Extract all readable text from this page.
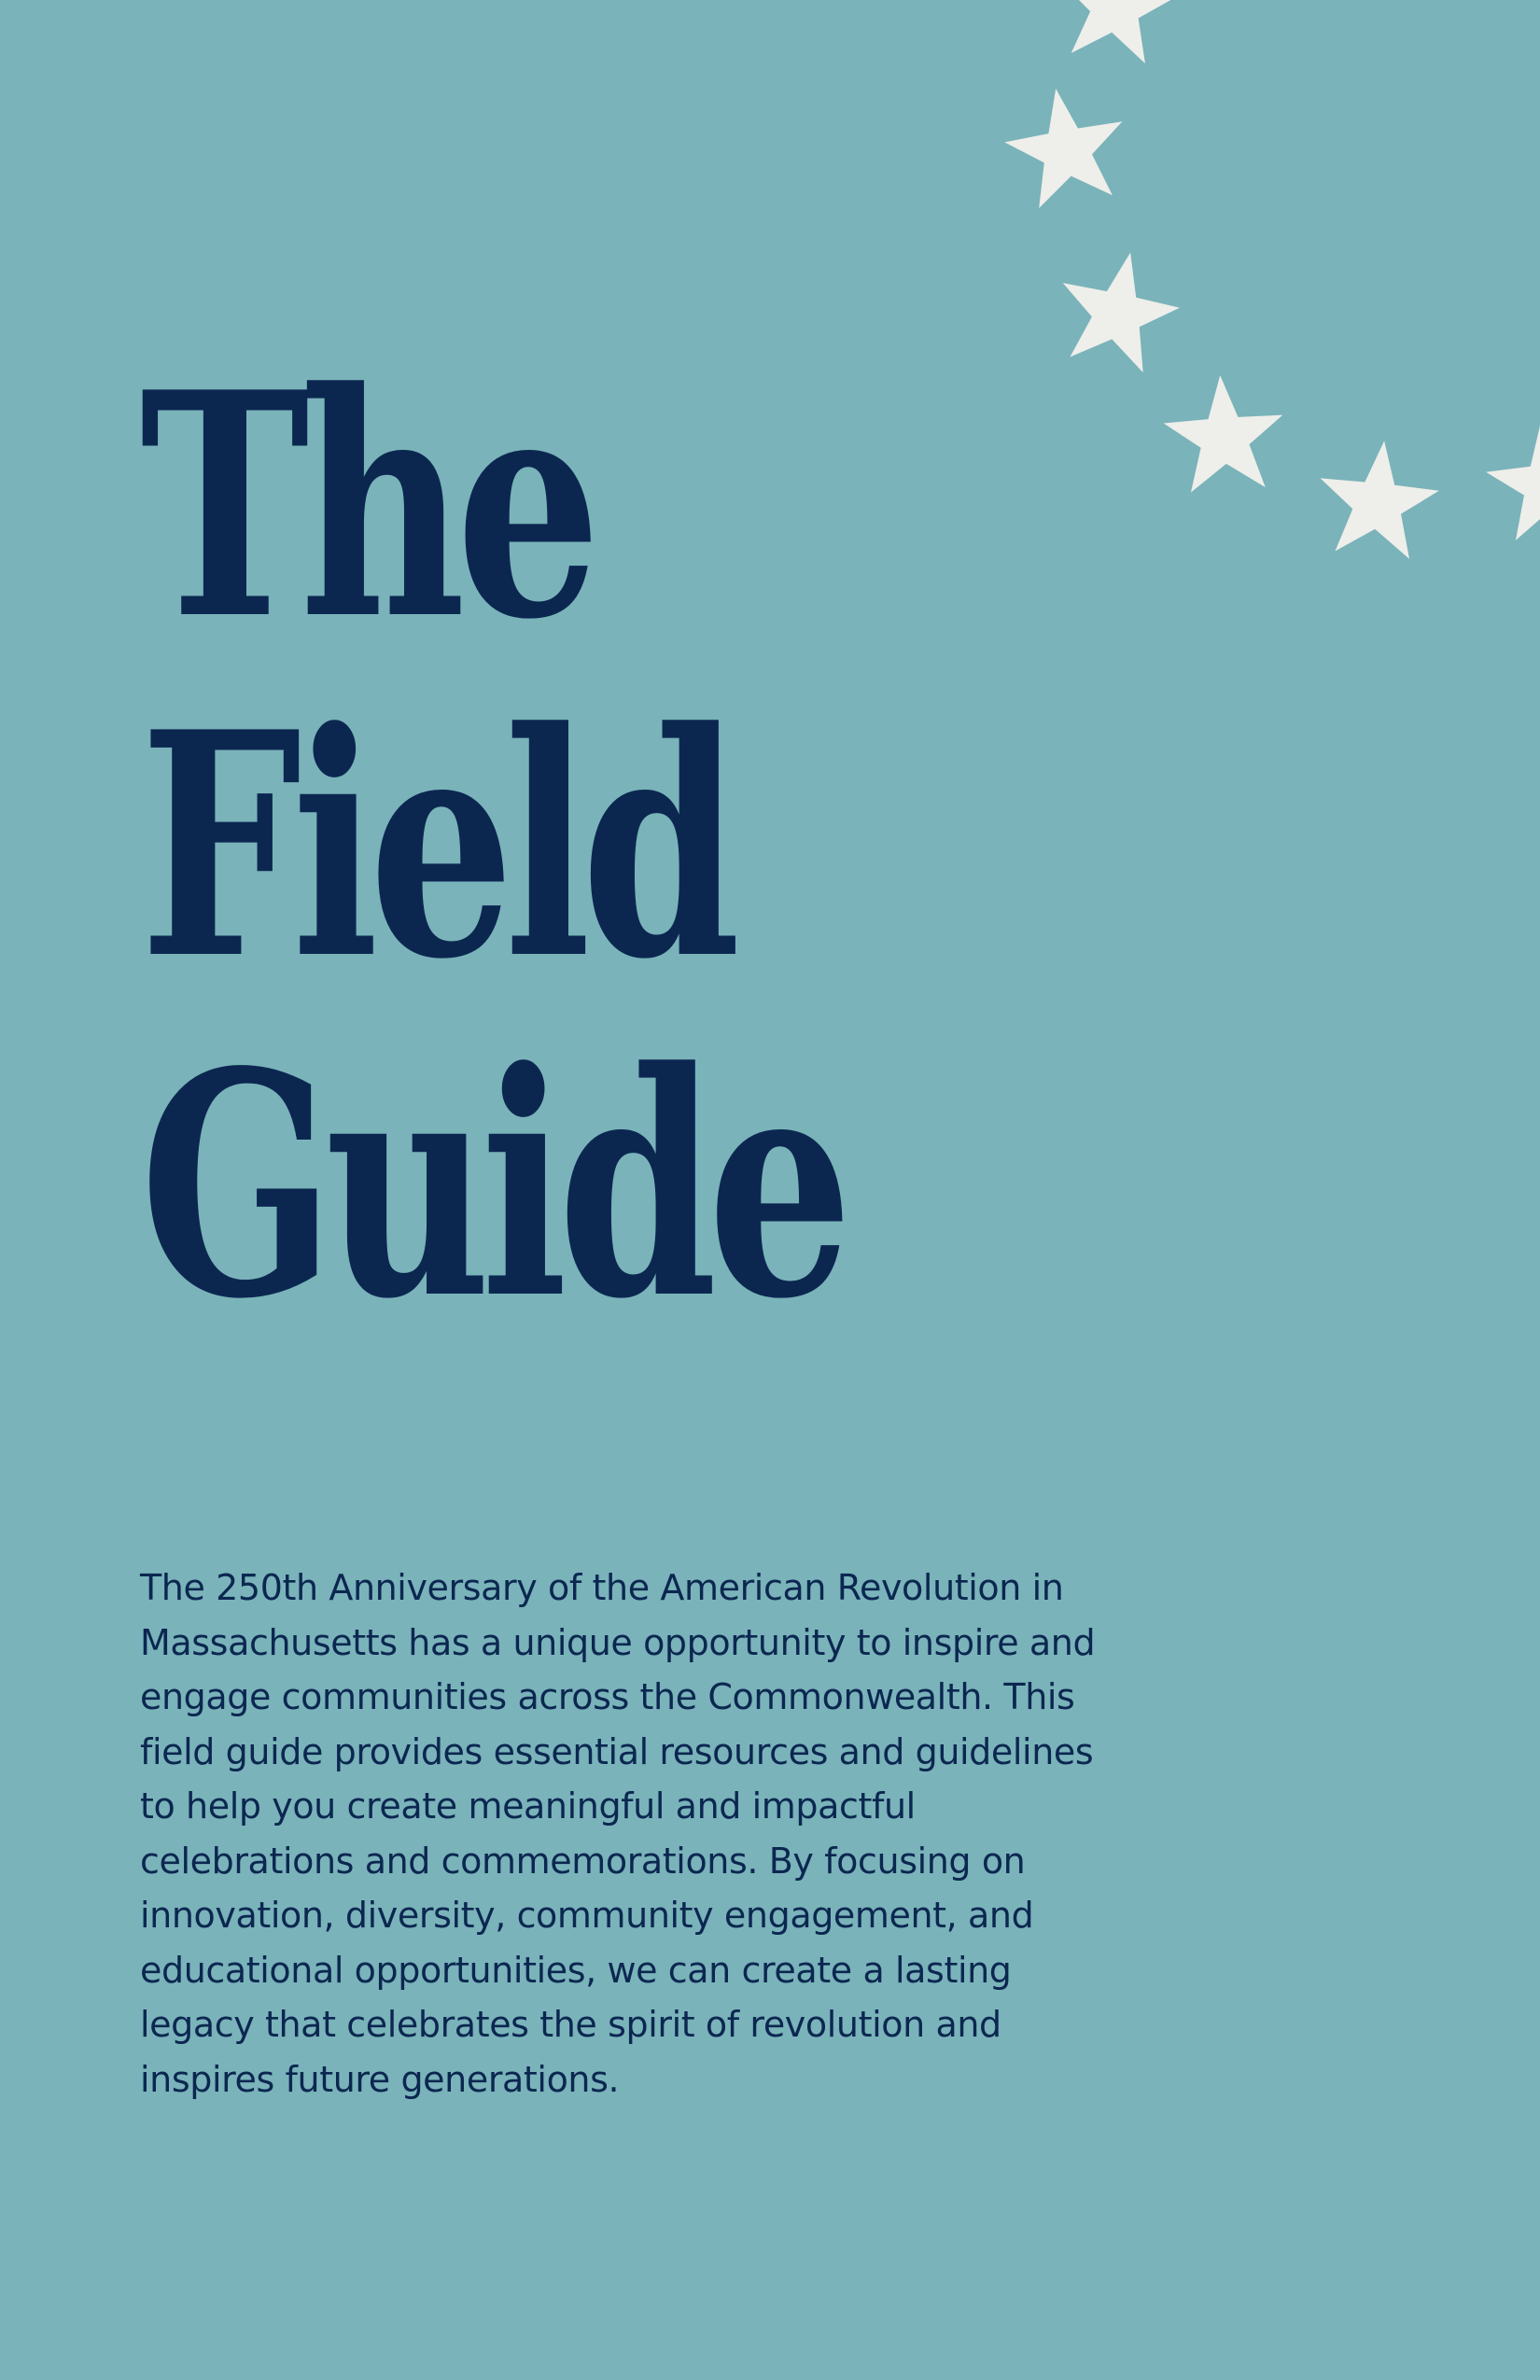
The
Field
Guide

The 250th Anniversary of the American Revolution in Massachusetts has a unique opportunity to inspire and engage communities across the Commonwealth. This field guide provides essential resources and guidelines to help you create meaningful and impactful celebrations and commemorations. By focusing on innovation, diversity, community engagement, and educational opportunities, we can create a lasting legacy that celebrates the spirit of revolution and inspires future generations.
